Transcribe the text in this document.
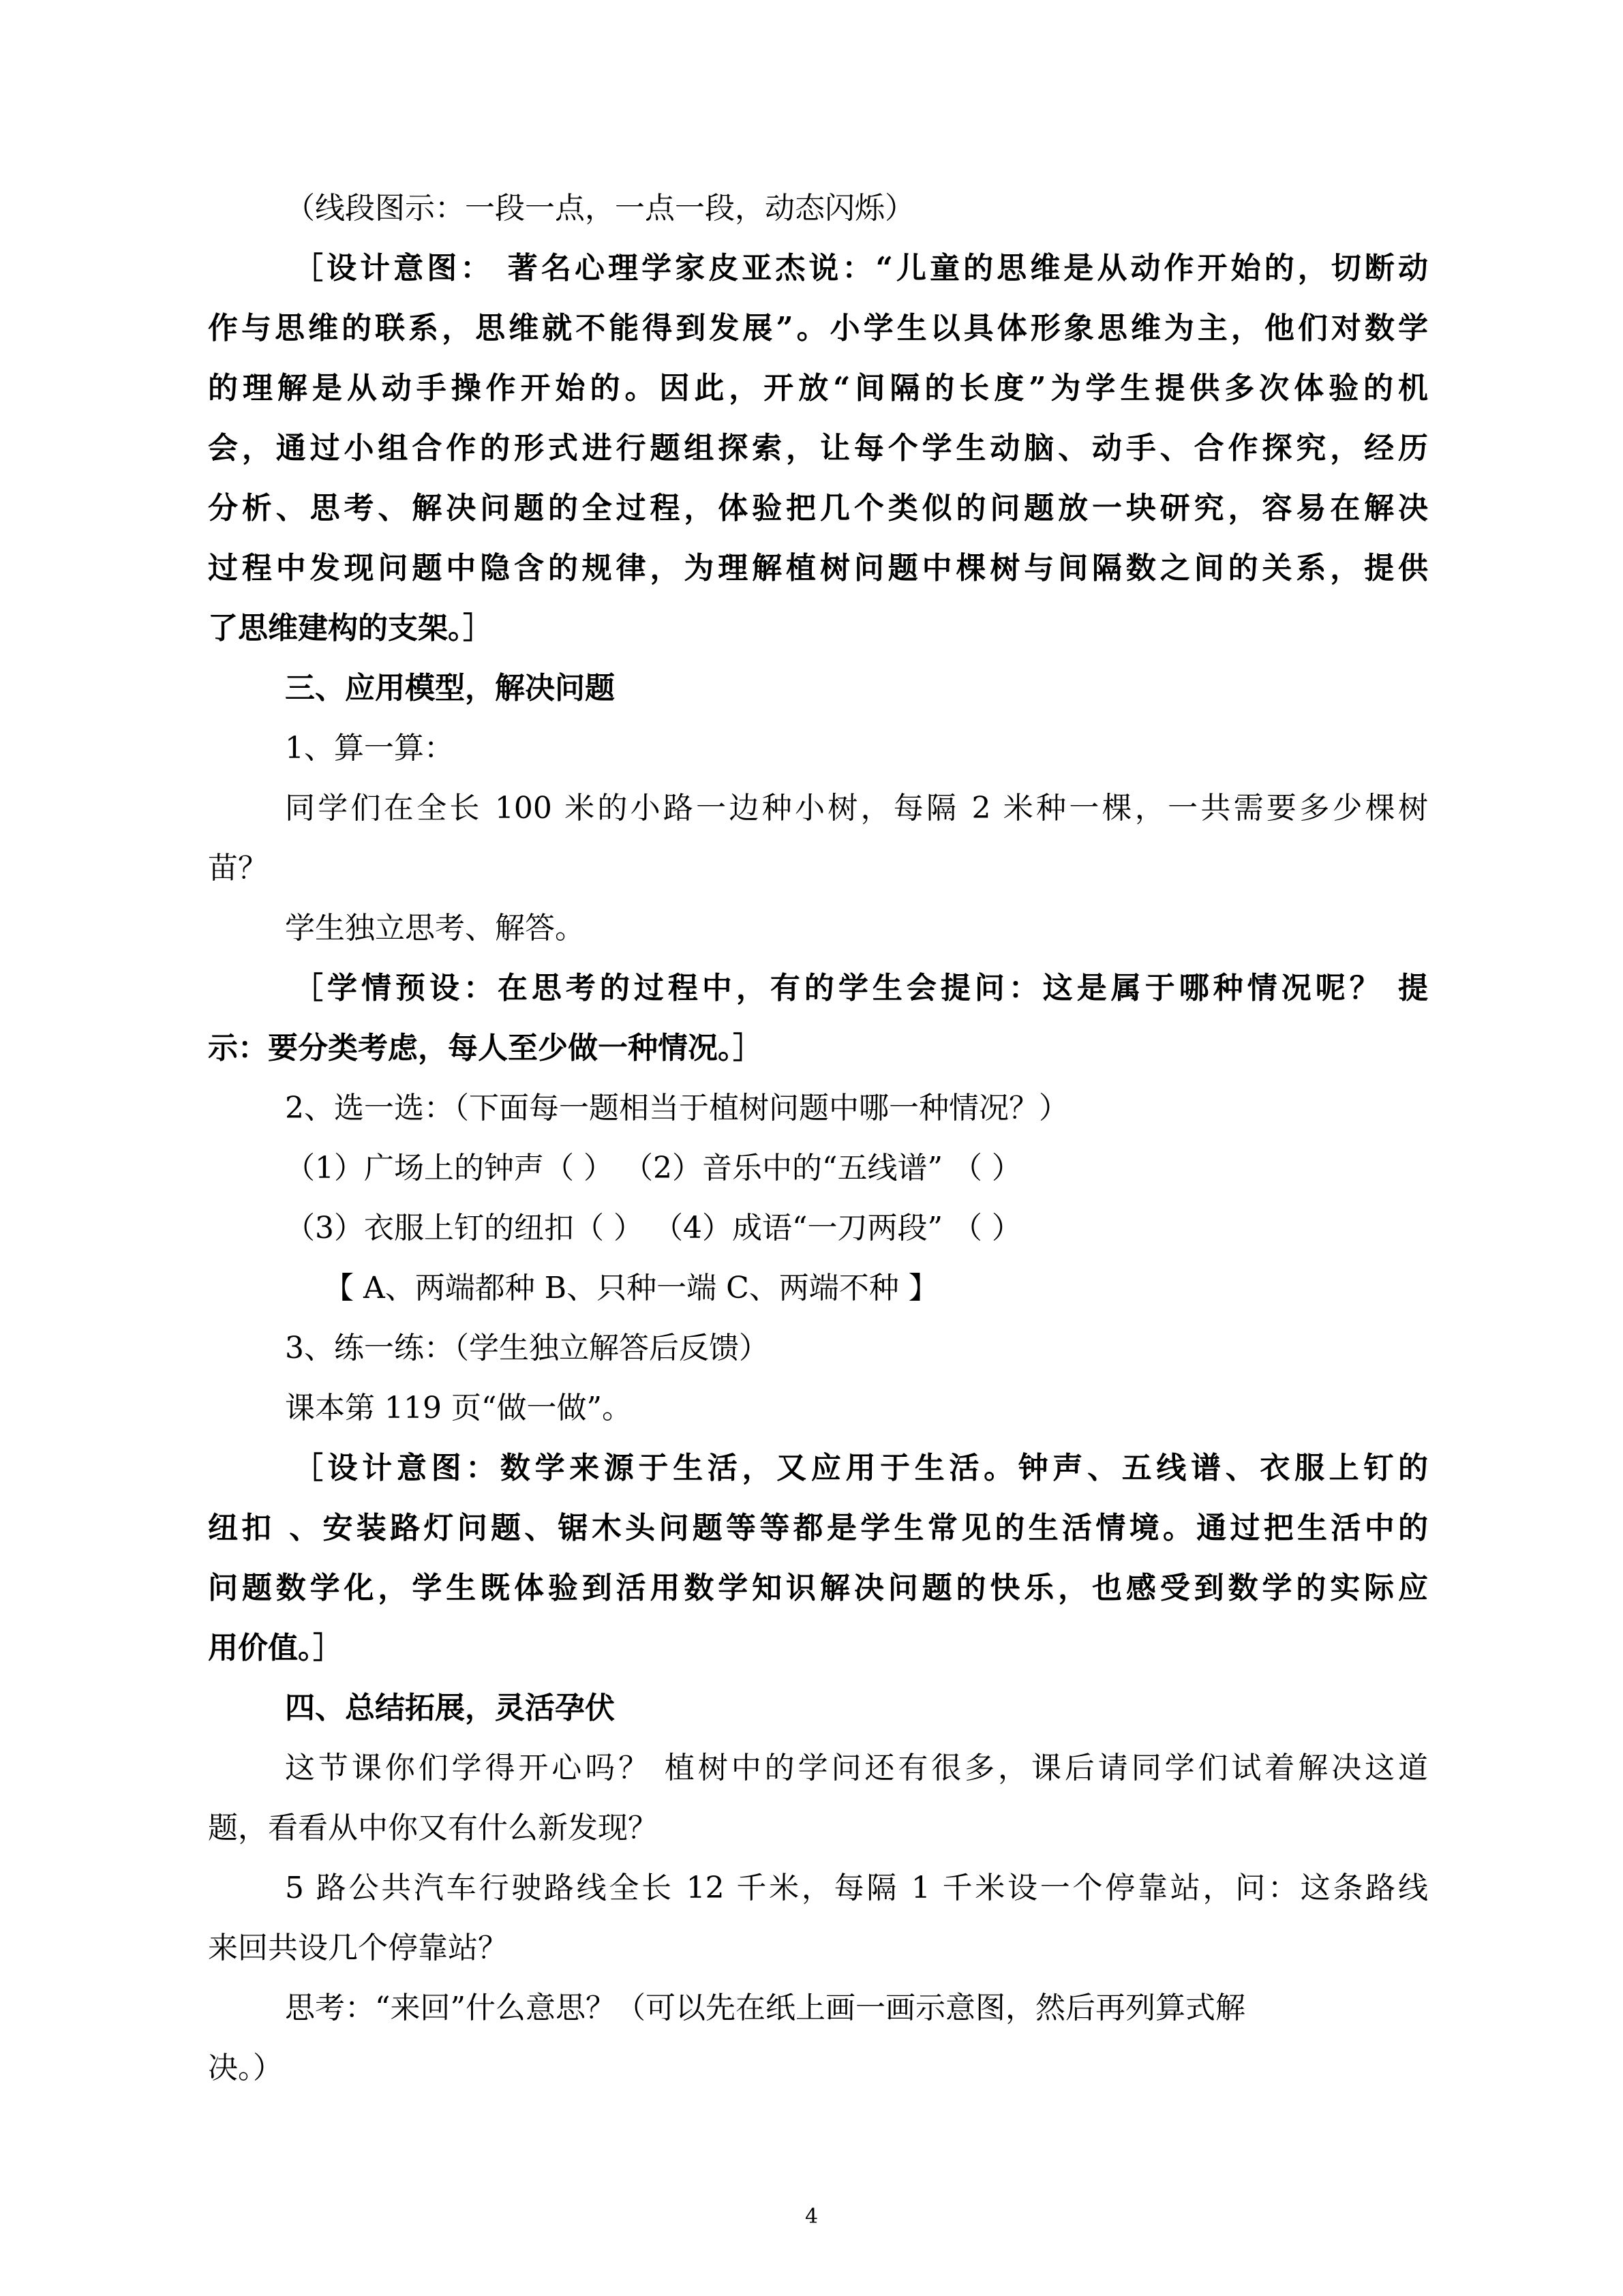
（线段图示：一段一点，一点一段，动态闪烁）
［设计意图： 著名心理学家皮亚杰说：“儿童的思维是从动作开始的，切断动
作与思维的联系，思维就不能得到发展”。小学生以具体形象思维为主，他们对数学
的理解是从动手操作开始的。因此，开放“间隔的长度”为学生提供多次体验的机
会，通过小组合作的形式进行题组探索，让每个学生动脑、动手、合作探究，经历
分析、思考、解决问题的全过程，体验把几个类似的问题放一块研究，容易在解决
过程中发现问题中隐含的规律，为理解植树问题中棵树与间隔数之间的关系，提供
了思维建构的支架。］
三、应用模型，解决问题
1、算一算：
同学们在全长 100 米的小路一边种小树，每隔 2 米种一棵，一共需要多少棵树
苗？
学生独立思考、解答。
［学情预设：在思考的过程中，有的学生会提问：这是属于哪种情况呢？ 提
示：要分类考虑，每人至少做一种情况。］
2、选一选：（下面每一题相当于植树问题中哪一种情况？）
（1）广场上的钟声（ ） （2）音乐中的“五线谱” （ ）
（3）衣服上钉的纽扣（ ） （4）成语“一刀两段” （ ）
【 A、两端都种 B、只种一端 C、两端不种 】
3、练一练：（学生独立解答后反馈）
课本第 119 页“做一做”。
［设计意图：数学来源于生活，又应用于生活。钟声、五线谱、衣服上钉的
纽扣 、安装路灯问题、锯木头问题等等都是学生常见的生活情境。通过把生活中的
问题数学化，学生既体验到活用数学知识解决问题的快乐，也感受到数学的实际应
用价值。］
四、总结拓展，灵活孕伏
这节课你们学得开心吗？ 植树中的学问还有很多，课后请同学们试着解决这道
题，看看从中你又有什么新发现？
5 路公共汽车行驶路线全长 12 千米，每隔 1 千米设一个停靠站，问：这条路线
来回共设几个停靠站？
思考：“来回”什么意思？（可以先在纸上画一画示意图，然后再列算式解
决。）
4
